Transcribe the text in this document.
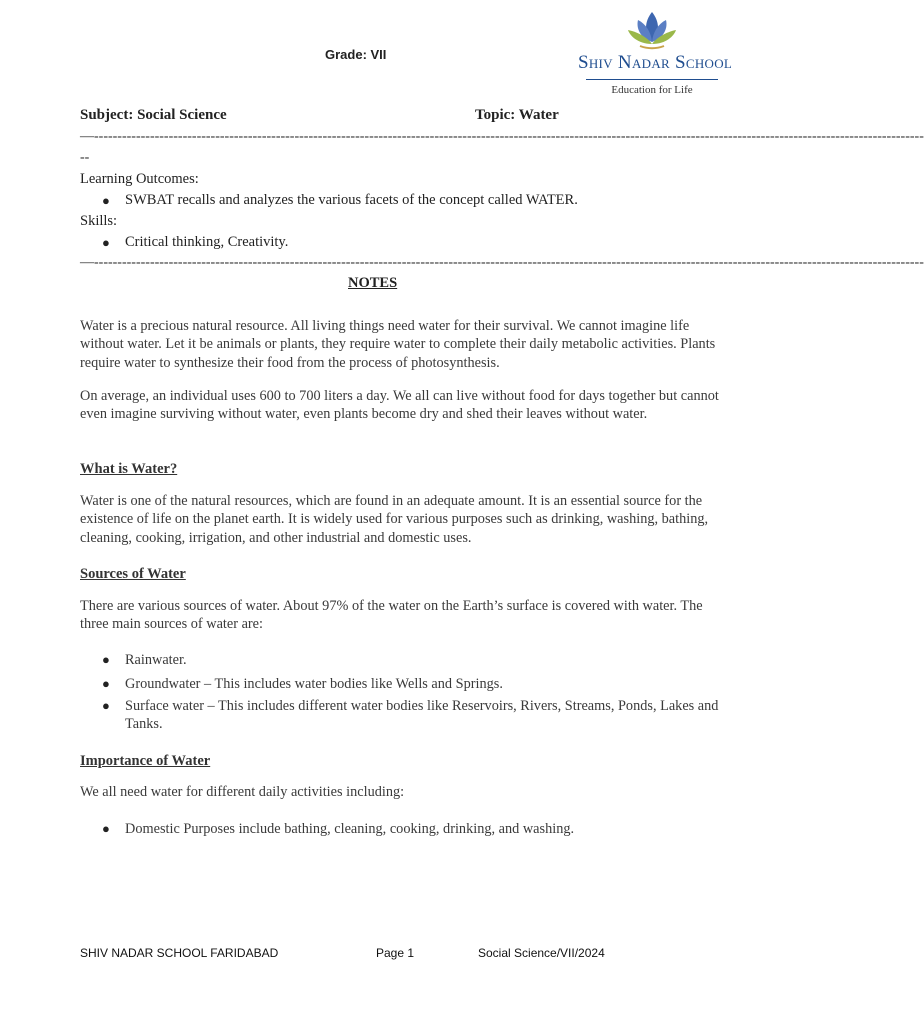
Grade: VII	Shiv Nadar School
Education for Life
Subject: Social Science	Topic: Water
—----------------------------------------------------------------------------------------------------------------------------------------------------------------------------------
--
Learning Outcomes:
● SWBAT recalls and analyzes the various facets of the concept called WATER.
Skills:
● Critical thinking, Creativity.
—----------------------------------------------------------------------------------------------------------------------------------------------------------------------------------
NOTES
Water is a precious natural resource. All living things need water for their survival. We cannot imagine life without water. Let it be animals or plants, they require water to complete their daily metabolic activities. Plants require water to synthesize their food from the process of photosynthesis.
On average, an individual uses 600 to 700 liters a day. We all can live without food for days together but cannot even imagine surviving without water, even plants become dry and shed their leaves without water.
What is Water?
Water is one of the natural resources, which are found in an adequate amount. It is an essential source for the existence of life on the planet earth. It is widely used for various purposes such as drinking, washing, bathing, cleaning, cooking, irrigation, and other industrial and domestic uses.
Sources of Water
There are various sources of water. About 97% of the water on the Earth’s surface is covered with water. The three main sources of water are:
● Rainwater.
● Groundwater – This includes water bodies like Wells and Springs.
● Surface water – This includes different water bodies like Reservoirs, Rivers, Streams, Ponds, Lakes and Tanks.
Importance of Water
We all need water for different daily activities including:
● Domestic Purposes include bathing, cleaning, cooking, drinking, and washing.
SHIV NADAR SCHOOL FARIDABAD	Page 1	Social Science/VII/2024
